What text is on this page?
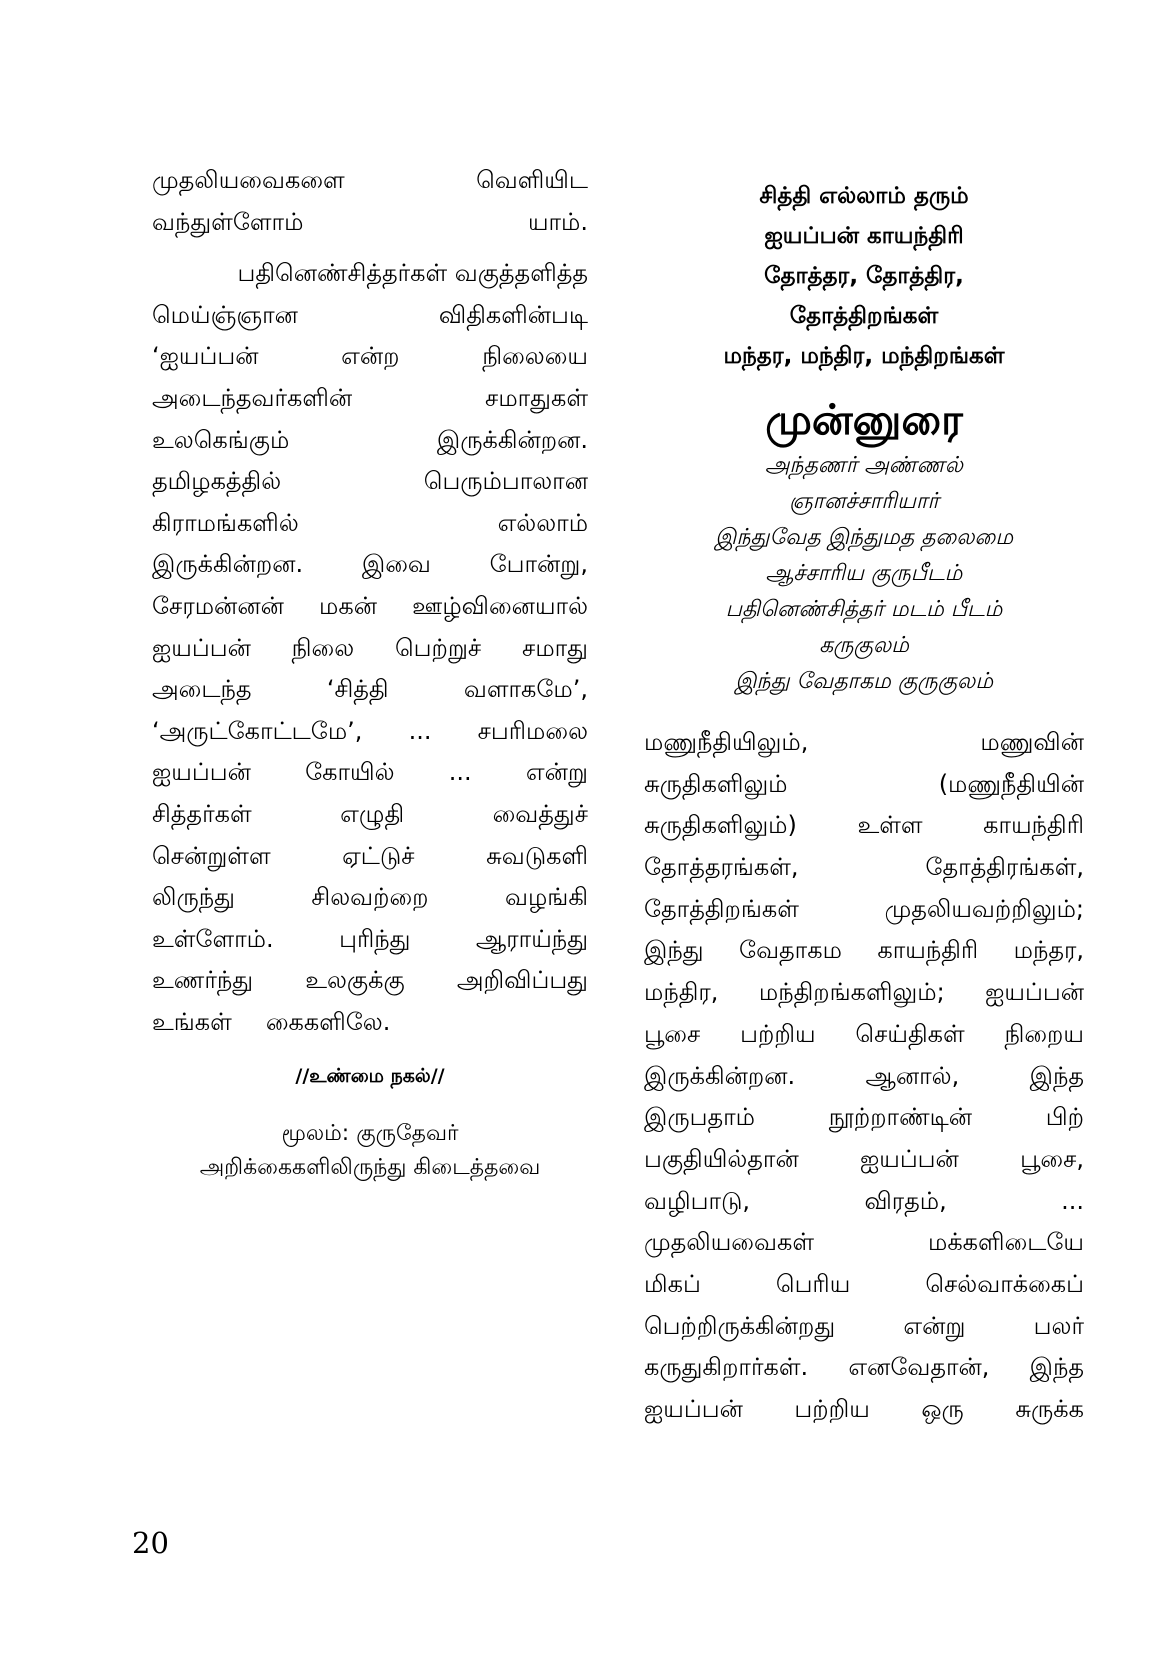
முதலியவைகளை	வெளியிட
வந்துள்ளோம்	யாம்.
பதினெண்சித்தர்கள் வகுத்தளித்த
மெய்ஞ்ஞான	விதிகளின்படி
‘ஐயப்பன்	என்ற	நிலையை
அடைந்தவர்களின்	சமாதுகள்
உலகெங்கும்	இருக்கின்றன.
தமிழகத்தில்	பெரும்பாலான
கிராமங்களில்	எல்லாம்
இருக்கின்றன. இவை போன்று,
சேரமன்னன் மகன் ஊழ்வினையால்
ஐயப்பன் நிலை பெற்றுச் சமாது
அடைந்த	‘சித்தி	வளாகமே’,
‘அருட்கோட்டமே’, ... சபரிமலை
ஐயப்பன் கோயில் ... என்று
சித்தர்கள்	எழுதி	வைத்துச்
சென்றுள்ள	ஏட்டுச்	சுவடுகளி
லிருந்து	சிலவற்றை	வழங்கி
உள்ளோம்.	புரிந்து	ஆராய்ந்து
உணர்ந்து உலகுக்கு அறிவிப்பது
உங்கள் கைகளிலே.
//உண்மை நகல்//
மூலம்: குருதேவர்
அறிக்கைகளிலிருந்து கிடைத்தவை
சித்தி எல்லாம் தரும்
ஐயப்பன் காயந்திரி
தோத்தர, தோத்திர,
தோத்திறங்கள்
மந்தர, மந்திர, மந்திறங்கள்
முன்னுரை
அந்தணர் அண்ணல்
ஞானச்சாரியார்
இந்துவேத இந்துமத தலைமை
ஆச்சாரிய குருபீடம்
பதினெண்சித்தர் மடம் பீடம்
கருகுலம்
இந்து வேதாகம குருகுலம்
மணுநீதியிலும்,	மணுவின்
சுருதிகளிலும்	(மணுநீதியின்
சுருதிகளிலும்)	உள்ள	காயந்திரி
தோத்தரங்கள்,	தோத்திரங்கள்,
தோத்திறங்கள்	முதலியவற்றிலும்;
இந்து வேதாகம காயந்திரி மந்தர,
மந்திர, மந்திறங்களிலும்; ஐயப்பன்
பூசை பற்றிய செய்திகள் நிறைய
இருக்கின்றன.	ஆனால்,	இந்த
இருபதாம்	நூற்றாண்டின்	பிற்
பகுதியில்தான்	ஐயப்பன்	பூசை,
வழிபாடு,	விரதம்,	...
முதலியவைகள்	மக்களிடையே
மிகப்	பெரிய	செல்வாக்கைப்
பெற்றிருக்கின்றது	என்று	பலர்
கருதுகிறார்கள். எனவேதான், இந்த
ஐயப்பன் பற்றிய ஒரு சுருக்க
20
